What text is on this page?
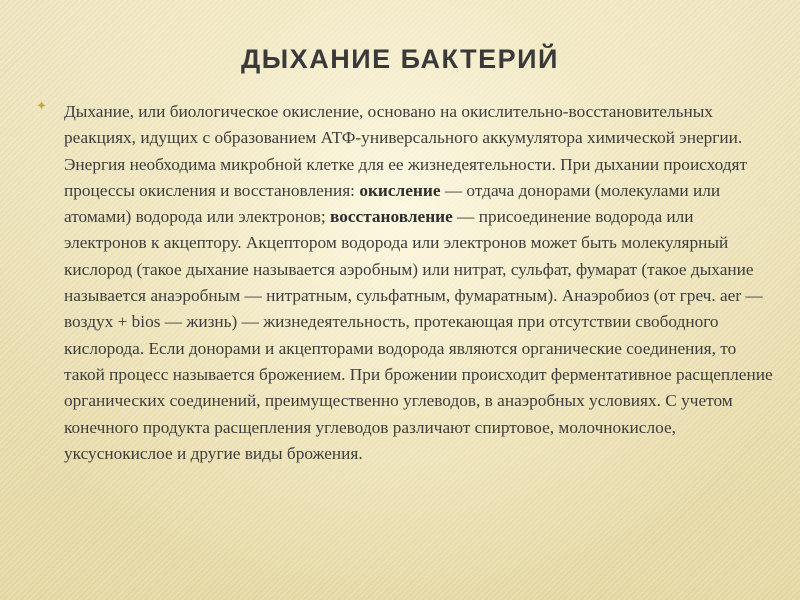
ДЫХАНИЕ БАКТЕРИЙ
✦ Дыхание, или биологическое окисление, основано на окислительно-восстановительных реакциях, идущих с образованием АТФ-универсального аккумулятора химической энергии. Энергия необходима микробной клетке для ее жизнедеятельности. При дыхании происходят процессы окисления и восстановления: окисление — отдача донорами (молекулами или атомами) водорода или электронов; восстановление — присоединение водорода или электронов к акцептору. Акцептором водорода или электронов может быть молекулярный кислород (такое дыхание называется аэробным) или нитрат, сульфат, фумарат (такое дыхание называется анаэробным — нитратным, сульфатным, фумаратным). Анаэробиоз (от греч. aer — воздух + bios — жизнь) — жизнедеятельность, протекающая при отсутствии свободного кислорода. Если донорами и акцепторами водорода являются органические соединения, то такой процесс называется брожением. При брожении происходит ферментативное расщепление органических соединений, преимущественно углеводов, в анаэробных условиях. С учетом конечного продукта расщепления углеводов различают спиртовое, молочнокислое, уксуснокислое и другие виды брожения.
